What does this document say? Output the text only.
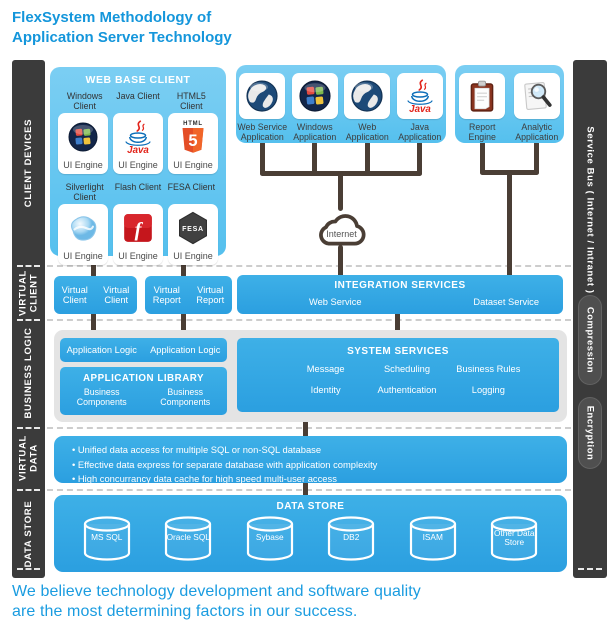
FlexSystem Methodology of
Application Server Technology
CLIENT DEVICES
VIRTUAL CLIENT
BUSINESS LOGIC
VIRTUAL DATA
DATA STORE
Service Bus ( Internet / Intranet )
Compression
Encryption
WEB BASE CLIENT
Windows Client
Java Client	HTML5 Client
UI Engine
Java
UI Engine
HTML
5
UI Engine
Silverlight Client
Flash Client FESA Client
UI Engine
f
UI Engine
FESA
UI Engine
Web Service Application
Windows Application
Web Application
Java
Java Application
Report Engine
Analytic Application
Internet
Virtual Client
Virtual Client
Virtual Report
Virtual Report
INTEGRATION SERVICES
Web Service	Dataset Service
Application Logic	Application Logic
APPLICATION LIBRARY
Business Components
Business Components
SYSTEM SERVICES
Message	Scheduling	Business Rules
Identity	Authentication	Logging
• Unified data access for multiple SQL or non-SQL database
• Effective data express for separate database with application complexity
• High concurrancy data cache for high speed multi-user access
DATA STORE
MS SQL	Oracle SQL	Sybase	DB2	ISAM	Other Data Store
We believe technology development and software quality
are the most determining factors in our success.
